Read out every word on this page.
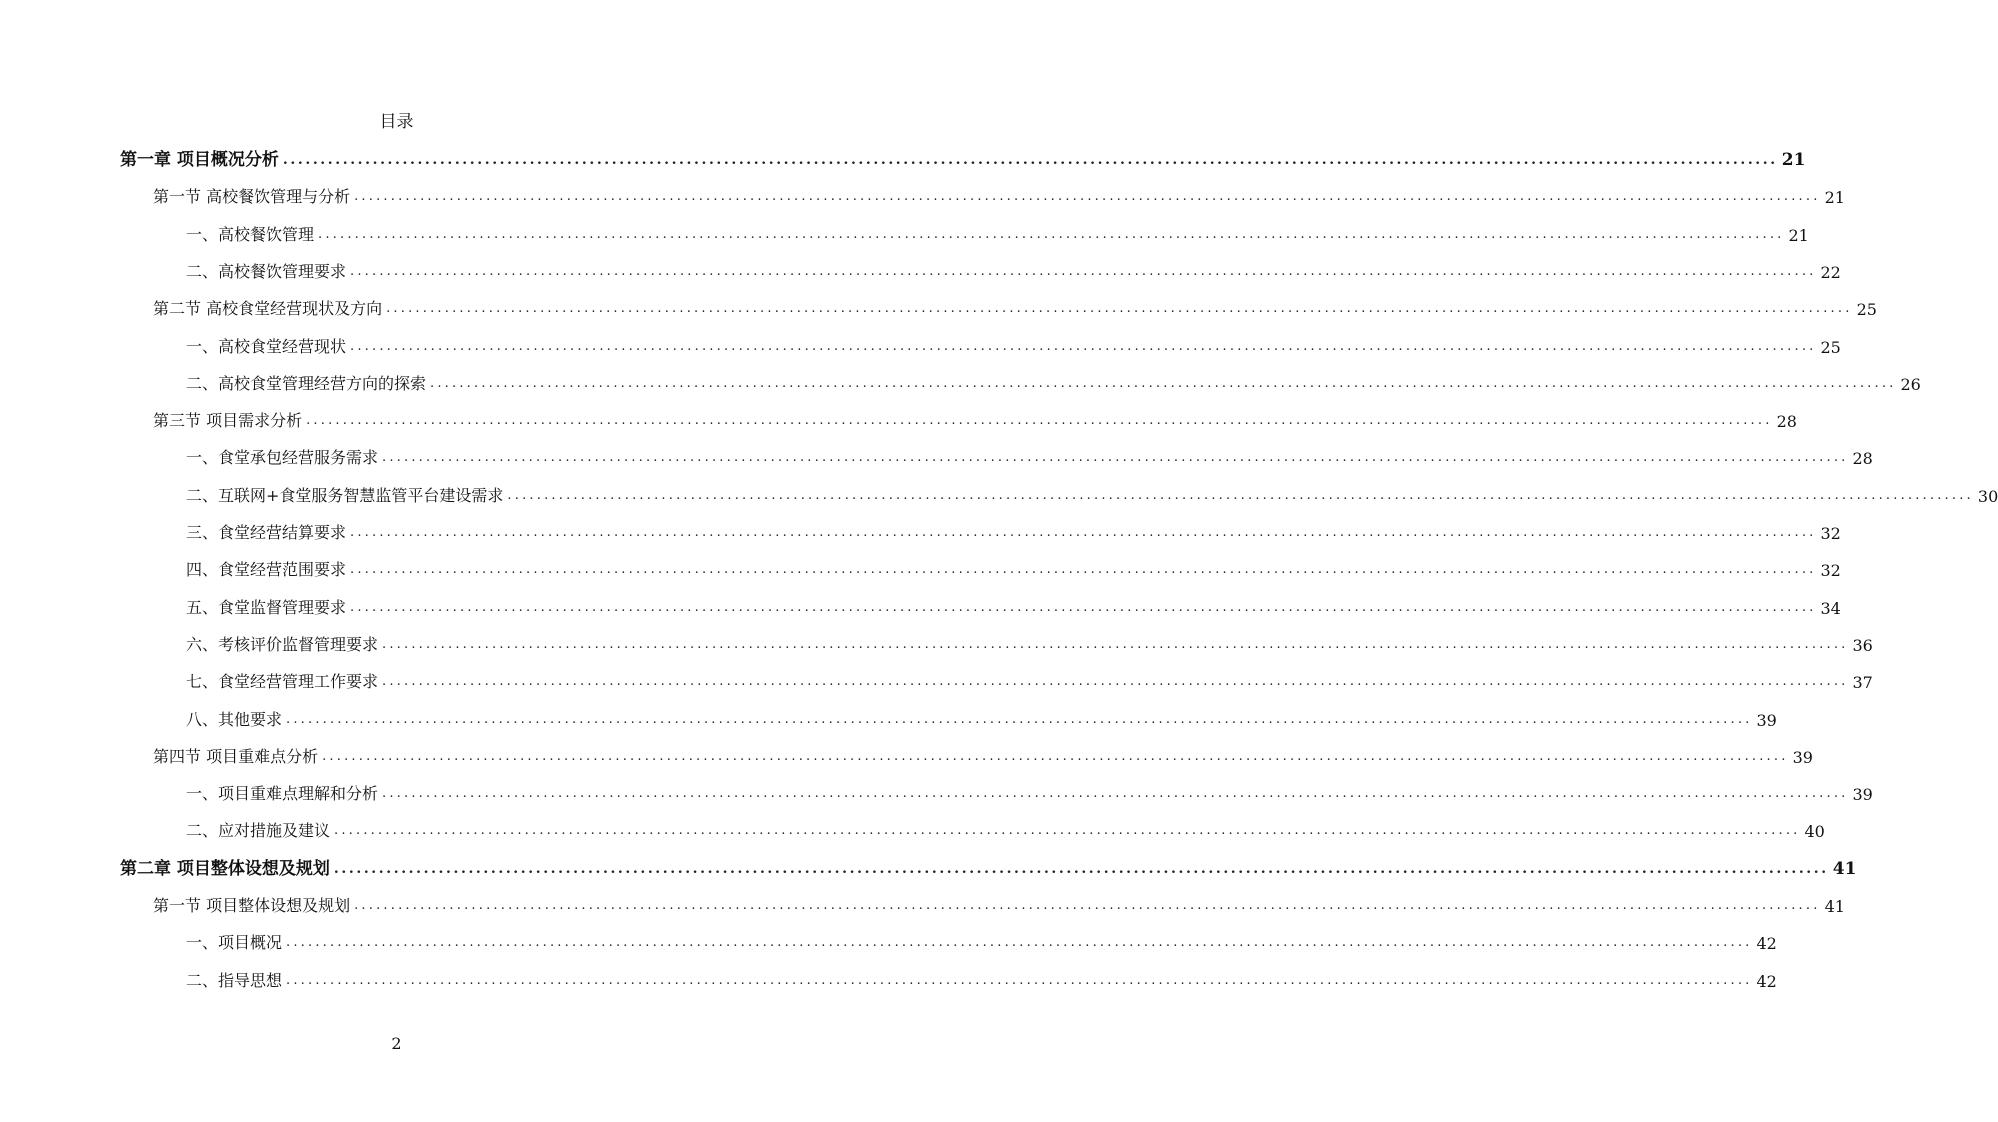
目录
第一章 项目概况分析 ........................................................................................................................................................................................................ 21
第一节 高校餐饮管理与分析 ........................................................................................................................................................................................................ 21
一、高校餐饮管理 ........................................................................................................................................................................................................ 21
二、高校餐饮管理要求 ........................................................................................................................................................................................................ 22
第二节 高校食堂经营现状及方向 ........................................................................................................................................................................................................ 25
一、高校食堂经营现状 ........................................................................................................................................................................................................ 25
二、高校食堂管理经营方向的探索 ........................................................................................................................................................................................................ 26
第三节 项目需求分析 ........................................................................................................................................................................................................ 28
一、食堂承包经营服务需求 ........................................................................................................................................................................................................ 28
二、互联网+食堂服务智慧监管平台建设需求 ........................................................................................................................................................................................................ 30
三、食堂经营结算要求 ........................................................................................................................................................................................................ 32
四、食堂经营范围要求 ........................................................................................................................................................................................................ 32
五、食堂监督管理要求 ........................................................................................................................................................................................................ 34
六、考核评价监督管理要求 ........................................................................................................................................................................................................ 36
七、食堂经营管理工作要求 ........................................................................................................................................................................................................ 37
八、其他要求 ........................................................................................................................................................................................................ 39
第四节 项目重难点分析 ........................................................................................................................................................................................................ 39
一、项目重难点理解和分析 ........................................................................................................................................................................................................ 39
二、应对措施及建议 ........................................................................................................................................................................................................ 40
第二章 项目整体设想及规划 ........................................................................................................................................................................................................ 41
第一节 项目整体设想及规划 ........................................................................................................................................................................................................ 41
一、项目概况 ........................................................................................................................................................................................................ 42
二、指导思想 ........................................................................................................................................................................................................ 42
2
